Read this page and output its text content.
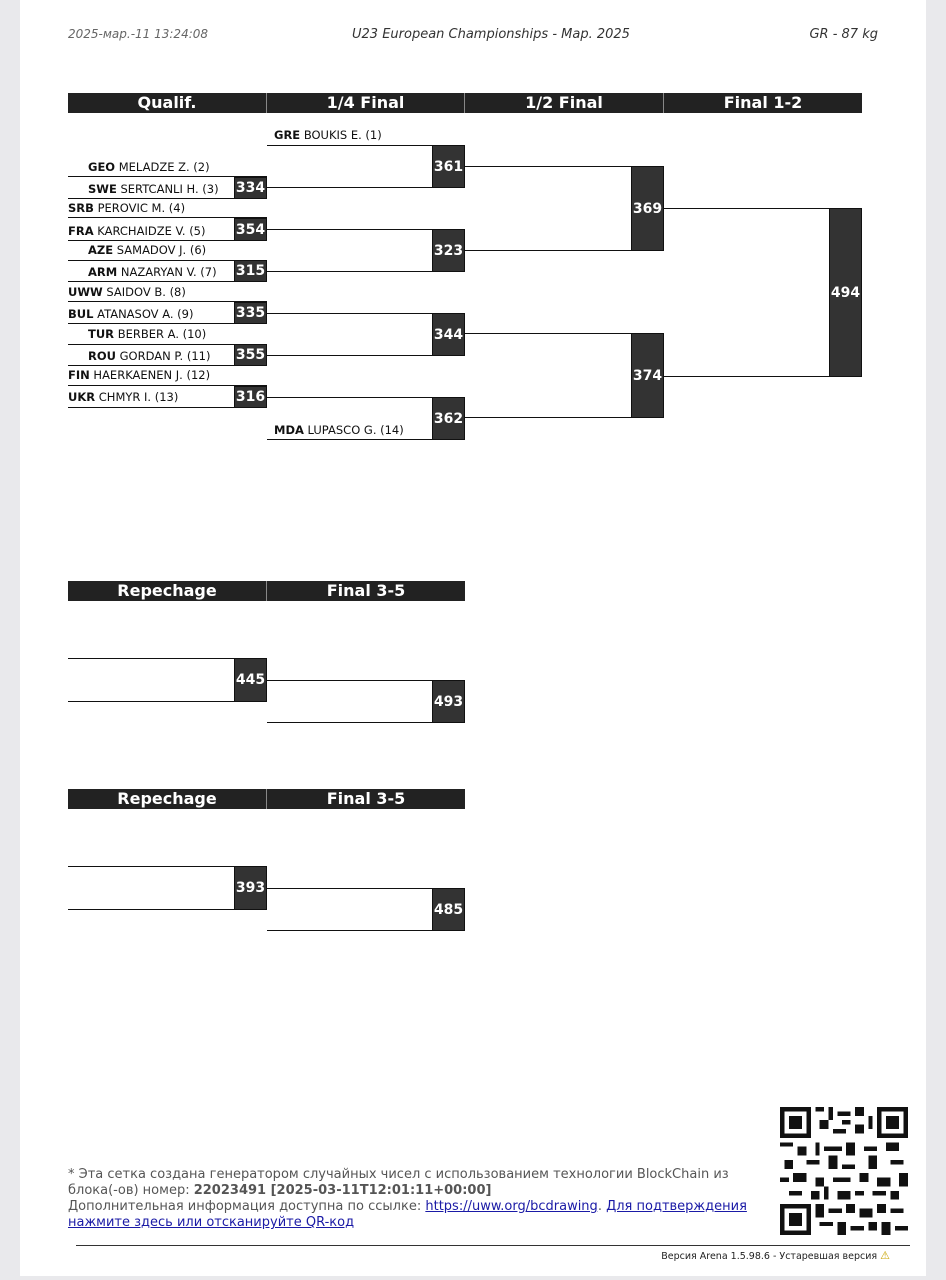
2025-мар.-11 13:24:08	U23 European Championships - Мар. 2025	GR - 87 kg
Qualif.	1/4 Final	1/2 Final	Final 1-2
GRE BOUKIS E. (1)
GEO MELADZE Z. (2)
SWE SERTCANLI H. (3)
SRB PEROVIC M. (4)
FRA KARCHAIDZE V. (5)
AZE SAMADOV J. (6)
ARM NAZARYAN V. (7)
UWW SAIDOV B. (8)
BUL ATANASOV A. (9)
TUR BERBER A. (10)
ROU GORDAN P. (11)
FIN HAERKAENEN J. (12)
UKR CHMYR I. (13)
MDA LUPASCO G. (14)
334
354
315
335
355
316
361
323
344
362
369
374
494
Repechage	Final 3-5
445
493
Repechage	Final 3-5
393
485
* Эта сетка создана генератором случайных чисел с использованием технологии BlockChain из блока(-ов) номер: 22023491 [2025-03-11T12:01:11+00:00]
Дополнительная информация доступна по ссылке: https://uww.org/bcdrawing. Для подтверждения нажмите здесь или отсканируйте QR-код
Версия Arena 1.5.98.6 - Устаревшая версия ⚠
